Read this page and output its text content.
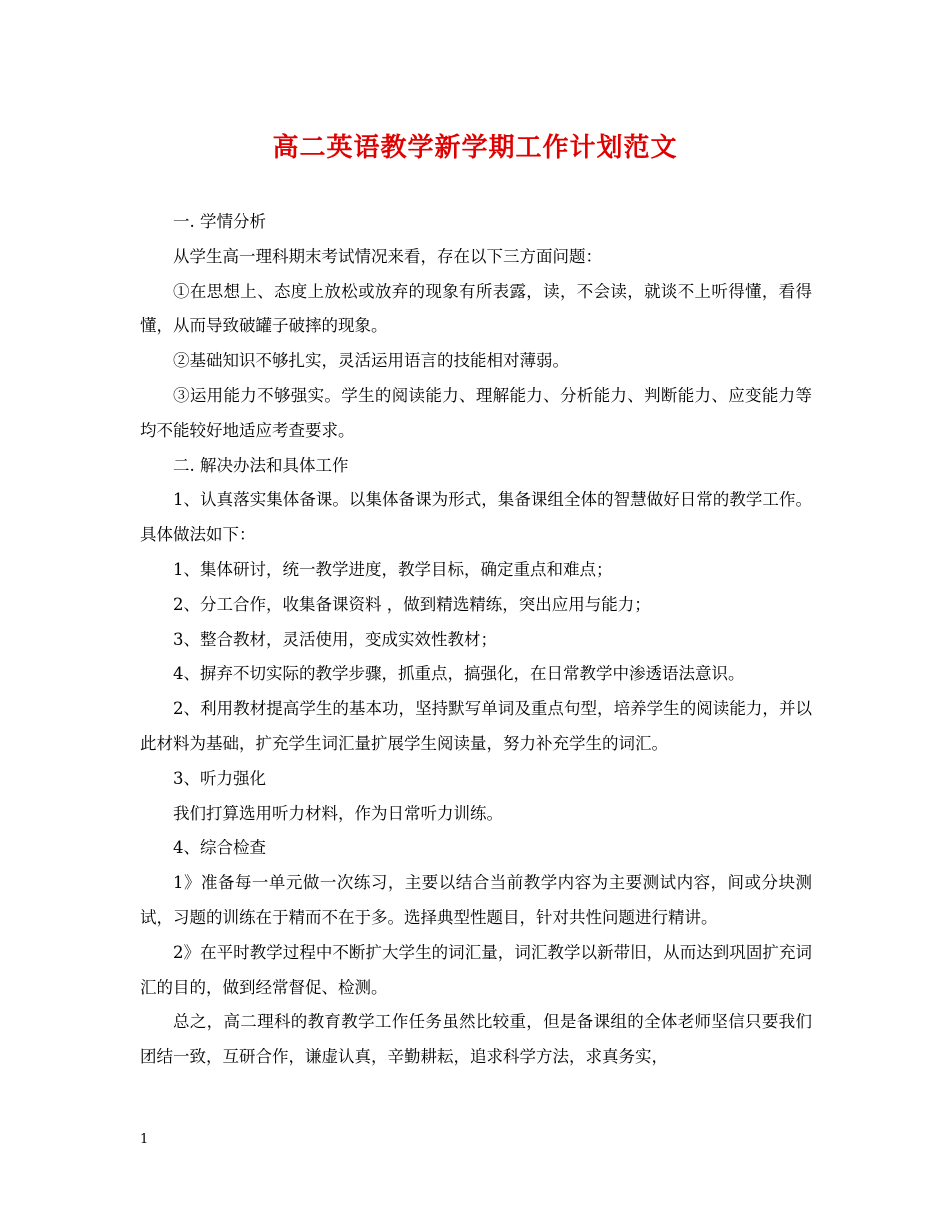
高二英语教学新学期工作计划范文

一. 学情分析

从学生高一理科期末考试情况来看，存在以下三方面问题：

①在思想上、态度上放松或放弃的现象有所表露，读，不会读，就谈不上听得懂，看得懂，从而导致破罐子破摔的现象。

②基础知识不够扎实，灵活运用语言的技能相对薄弱。

③运用能力不够强实。学生的阅读能力、理解能力、分析能力、判断能力、应变能力等均不能较好地适应考查要求。

二. 解决办法和具体工作

1、认真落实集体备课。以集体备课为形式，集备课组全体的智慧做好日常的教学工作。具体做法如下：

1、集体研讨，统一教学进度，教学目标，确定重点和难点；

2、分工合作，收集备课资料 ，做到精选精练，突出应用与能力；

3、整合教材，灵活使用，变成实效性教材；

4、摒弃不切实际的教学步骤，抓重点，搞强化，在日常教学中渗透语法意识。

2、利用教材提高学生的基本功，坚持默写单词及重点句型，培养学生的阅读能力，并以此材料为基础，扩充学生词汇量扩展学生阅读量，努力补充学生的词汇。

3、听力强化

我们打算选用听力材料，作为日常听力训练。

4、综合检查

1》准备每一单元做一次练习，主要以结合当前教学内容为主要测试内容，间或分块测试，习题的训练在于精而不在于多。选择典型性题目，针对共性问题进行精讲。

2》在平时教学过程中不断扩大学生的词汇量，词汇教学以新带旧，从而达到巩固扩充词汇的目的，做到经常督促、检测。

总之，高二理科的教育教学工作任务虽然比较重，但是备课组的全体老师坚信只要我们团结一致，互研合作，谦虚认真，辛勤耕耘，追求科学方法，求真务实，

1
